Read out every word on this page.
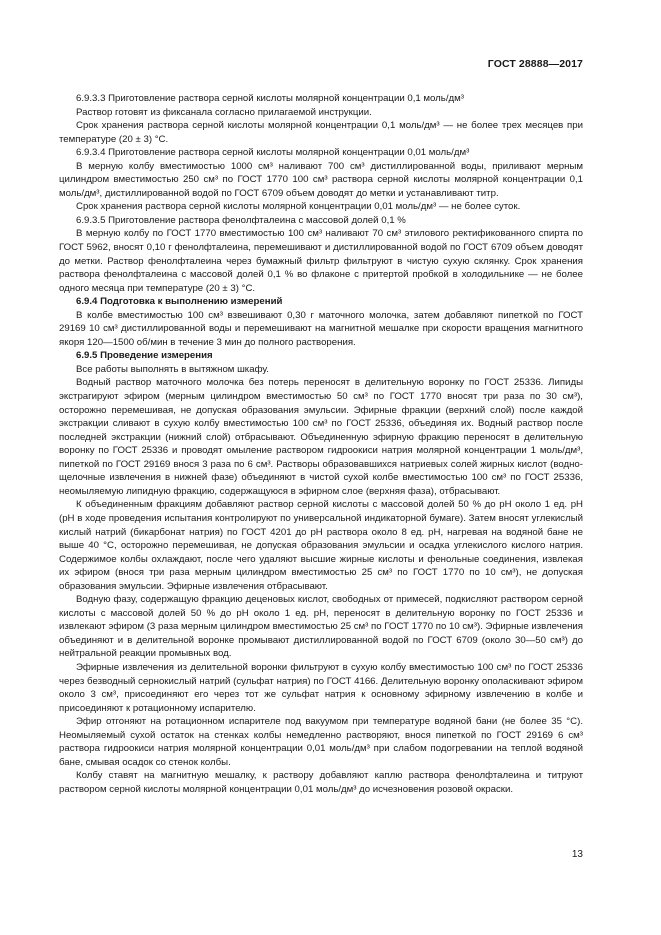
ГОСТ 28888—2017

6.9.3.3 Приготовление раствора серной кислоты молярной концентрации 0,1 моль/дм³

Раствор готовят из фиксанала согласно прилагаемой инструкции.

Срок хранения раствора серной кислоты молярной концентрации 0,1 моль/дм³ — не более трех месяцев при температуре (20 ± 3) °С.

6.9.3.4 Приготовление раствора серной кислоты молярной концентрации 0,01 моль/дм³

В мерную колбу вместимостью 1000 см³ наливают 700 см³ дистиллированной воды, приливают мерным цилиндром вместимостью 250 см³ по ГОСТ 1770 100 см³ раствора серной кислоты молярной концентрации 0,1 моль/дм³, дистиллированной водой по ГОСТ 6709 объем доводят до метки и устанавливают титр.

Срок хранения раствора серной кислоты молярной концентрации 0,01 моль/дм³ — не более суток.

6.9.3.5 Приготовление раствора фенолфталеина с массовой долей 0,1 %

В мерную колбу по ГОСТ 1770 вместимостью 100 см³ наливают 70 см³ этилового ректификованного спирта по ГОСТ 5962, вносят 0,10 г фенолфталеина, перемешивают и дистиллированной водой по ГОСТ 6709 объем доводят до метки. Раствор фенолфталеина через бумажный фильтр фильтруют в чистую сухую склянку. Срок хранения раствора фенолфталеина с массовой долей 0,1 % во флаконе с притертой пробкой в холодильнике — не более одного месяца при температуре (20 ± 3) °С.

6.9.4 Подготовка к выполнению измерений

В колбе вместимостью 100 см³ взвешивают 0,30 г маточного молочка, затем добавляют пипеткой по ГОСТ 29169 10 см³ дистиллированной воды и перемешивают на магнитной мешалке при скорости вращения магнитного якоря 120—1500 об/мин в течение 3 мин до полного растворения.

6.9.5 Проведение измерения

Все работы выполнять в вытяжном шкафу.

Водный раствор маточного молочка без потерь переносят в делительную воронку по ГОСТ 25336. Липиды экстрагируют эфиром (мерным цилиндром вместимостью 50 см³ по ГОСТ 1770 вносят три раза по 30 см³), осторожно перемешивая, не допуская образования эмульсии. Эфирные фракции (верхний слой) после каждой экстракции сливают в сухую колбу вместимостью 100 см³ по ГОСТ 25336, объединяя их. Водный раствор после последней экстракции (нижний слой) отбрасывают. Объединенную эфирную фракцию переносят в делительную воронку по ГОСТ 25336 и проводят омыление раствором гидроокиси натрия молярной концентрации 1 моль/дм³, пипеткой по ГОСТ 29169 внося 3 раза по 6 см³. Растворы образовавшихся натриевых солей жирных кислот (водно-щелочные извлечения в нижней фазе) объединяют в чистой сухой колбе вместимостью 100 см³ по ГОСТ 25336, неомыляемую липидную фракцию, содержащуюся в эфирном слое (верхняя фаза), отбрасывают.

К объединенным фракциям добавляют раствор серной кислоты с массовой долей 50 % до pH около 1 ед. pH (pH в ходе проведения испытания контролируют по универсальной индикаторной бумаге). Затем вносят углекислый кислый натрий (бикарбонат натрия) по ГОСТ 4201 до pH раствора около 8 ед. pH, нагревая на водяной бане не выше 40 °С, осторожно перемешивая, не допуская образования эмульсии и осадка углекислого кислого натрия. Содержимое колбы охлаждают, после чего удаляют высшие жирные кислоты и фенольные соединения, извлекая их эфиром (внося три раза мерным цилиндром вместимостью 25 см³ по ГОСТ 1770 по 10 см³), не допуская образования эмульсии. Эфирные извлечения отбрасывают.

Водную фазу, содержащую фракцию деценовых кислот, свободных от примесей, подкисляют раствором серной кислоты с массовой долей 50 % до pH около 1 ед. pH, переносят в делительную воронку по ГОСТ 25336 и извлекают эфиром (3 раза мерным цилиндром вместимостью 25 см³ по ГОСТ 1770 по 10 см³). Эфирные извлечения объединяют и в делительной воронке промывают дистиллированной водой по ГОСТ 6709 (около 30—50 см³) до нейтральной реакции промывных вод.

Эфирные извлечения из делительной воронки фильтруют в сухую колбу вместимостью 100 см³ по ГОСТ 25336 через безводный сернокислый натрий (сульфат натрия) по ГОСТ 4166. Делительную воронку ополаскивают эфиром около 3 см³, присоединяют его через тот же сульфат натрия к основному эфирному извлечению в колбе и присоединяют к ротационному испарителю.

Эфир отгоняют на ротационном испарителе под вакуумом при температуре водяной бани (не более 35 °С). Неомыляемый сухой остаток на стенках колбы немедленно растворяют, внося пипеткой по ГОСТ 29169 6 см³ раствора гидроокиси натрия молярной концентрации 0,01 моль/дм³ при слабом подогревании на теплой водяной бане, смывая осадок со стенок колбы.

Колбу ставят на магнитную мешалку, к раствору добавляют каплю раствора фенолфталеина и титруют раствором серной кислоты молярной концентрации 0,01 моль/дм³ до исчезновения розовой окраски.

13
